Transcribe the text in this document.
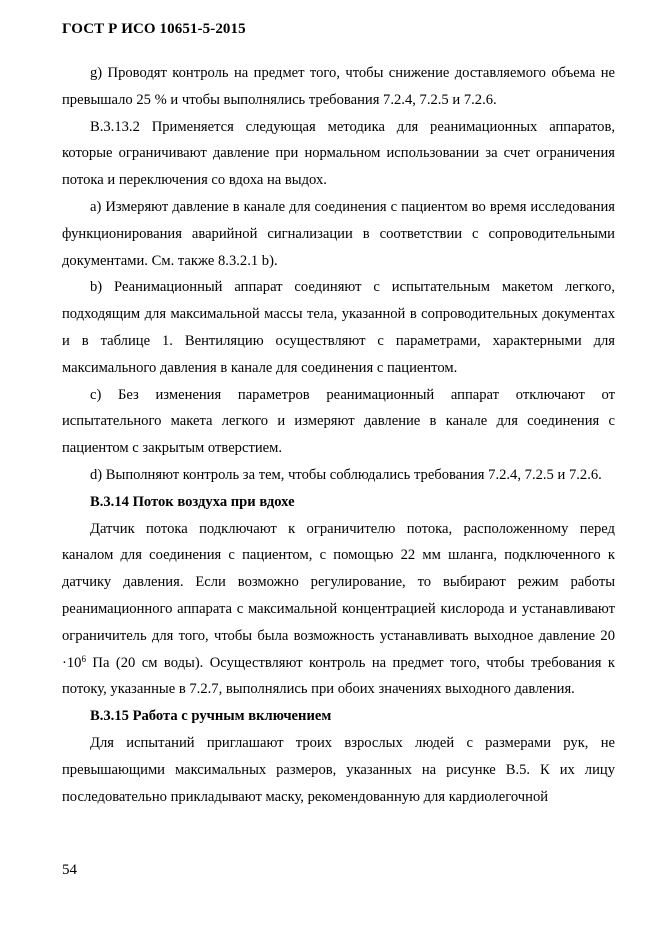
ГОСТ Р ИСО 10651-5-2015

g) Проводят контроль на предмет того, чтобы снижение доставляемого объема не превышало 25 % и чтобы выполнялись требования 7.2.4, 7.2.5 и 7.2.6.

В.3.13.2 Применяется следующая методика для реанимационных аппаратов, которые ограничивают давление при нормальном использовании за счет ограничения потока и переключения со вдоха на выдох.

а) Измеряют давление в канале для соединения с пациентом во время исследования функционирования аварийной сигнализации в соответствии с сопроводительными документами. См. также 8.3.2.1 b).

b) Реанимационный аппарат соединяют с испытательным макетом легкого, подходящим для максимальной массы тела, указанной в сопроводительных документах и в таблице 1. Вентиляцию осуществляют с параметрами, характерными для максимального давления в канале для соединения с пациентом.

c) Без изменения параметров реанимационный аппарат отключают от испытательного макета легкого и измеряют давление в канале для соединения с пациентом с закрытым отверстием.

d) Выполняют контроль за тем, чтобы соблюдались требования 7.2.4, 7.2.5 и 7.2.6.

В.3.14 Поток воздуха при вдохе

Датчик потока подключают к ограничителю потока, расположенному перед каналом для соединения с пациентом, с помощью 22 мм шланга, подключенного к датчику давления. Если возможно регулирование, то выбирают режим работы реанимационного аппарата с максимальной концентрацией кислорода и устанавливают ограничитель для того, чтобы была возможность устанавливать выходное давление $20 \cdot 10^6$ Па (20 см воды). Осуществляют контроль на предмет того, чтобы требования к потоку, указанные в 7.2.7, выполнялись при обоих значениях выходного давления.

В.3.15 Работа с ручным включением

Для испытаний приглашают троих взрослых людей с размерами рук, не превышающими максимальных размеров, указанных на рисунке В.5. К их лицу последовательно прикладывают маску, рекомендованную для кардиолегочной

54
